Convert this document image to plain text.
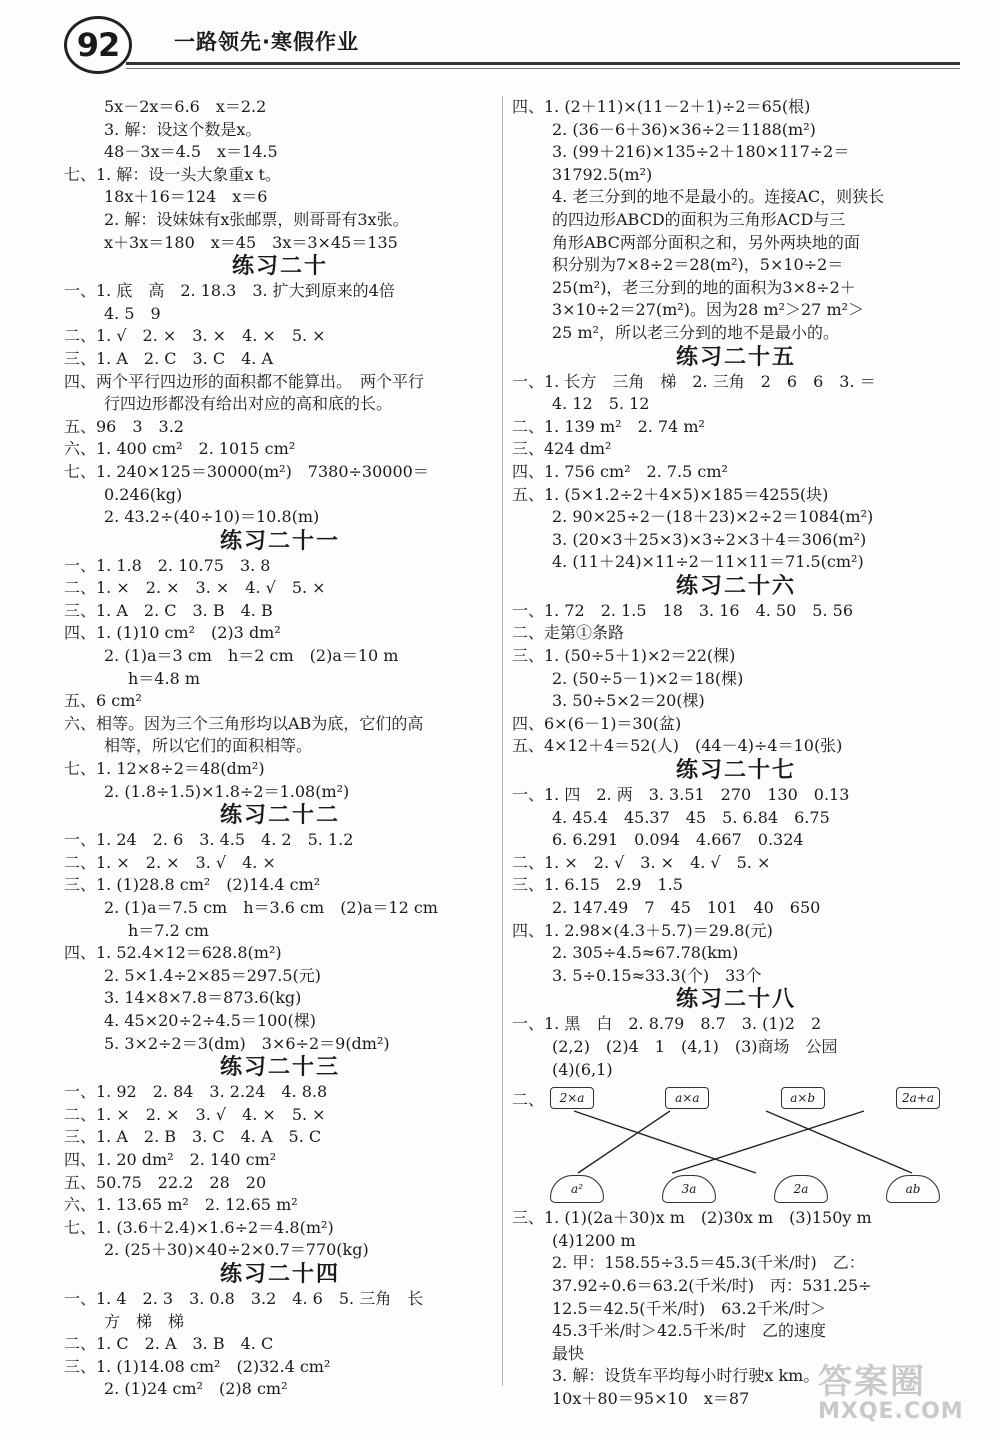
92	一路领先·寒假作业
5x－2x＝6.6　x＝2.2
3. 解：设这个数是x。
48－3x＝4.5　x＝14.5
七、1. 解：设一头大象重x t。
18x＋16＝124　x＝6
2. 解：设妹妹有x张邮票，则哥哥有3x张。
x＋3x＝180　x＝45　3x＝3×45＝135
练习二十
一、1. 底　高　2. 18.3　3. 扩大到原来的4倍
4. 5　9
二、1. √　2. ×　3. ×　4. ×　5. ×
三、1. A　2. C　3. C　4. A
四、两个平行四边形的面积都不能算出。　两个平行
行四边形都没有给出对应的高和底的长。
五、96　3　3.2
六、1. 400 cm²　2. 1015 cm²
七、1. 240×125＝30000(m²)　7380÷30000＝
0.246(kg)
2. 43.2÷(40÷10)＝10.8(m)
练习二十一
一、1. 1.8　2. 10.75　3. 8
二、1. ×　2. ×　3. ×　4. √　5. ×
三、1. A　2. C　3. B　4. B
四、1. (1)10 cm²　(2)3 dm²
2. (1)a＝3 cm　h＝2 cm　(2)a＝10 m
h＝4.8 m
五、6 cm²
六、相等。因为三个三角形均以AB为底，它们的高
相等，所以它们的面积相等。
七、1. 12×8÷2＝48(dm²)
2. (1.8÷1.5)×1.8÷2＝1.08(m²)
练习二十二
一、1. 24　2. 6　3. 4.5　4. 2　5. 1.2
二、1. ×　2. ×　3. √　4. ×
三、1. (1)28.8 cm²　(2)14.4 cm²
2. (1)a＝7.5 cm　h＝3.6 cm　(2)a＝12 cm
h＝7.2 cm
四、1. 52.4×12＝628.8(m²)
2. 5×1.4÷2×85＝297.5(元)
3. 14×8×7.8＝873.6(kg)
4. 45×20÷2÷4.5＝100(棵)
5. 3×2÷2＝3(dm)　3×6÷2＝9(dm²)
练习二十三
一、1. 92　2. 84　3. 2.24　4. 8.8
二、1. ×　2. ×　3. √　4. ×　5. ×
三、1. A　2. B　3. C　4. A　5. C
四、1. 20 dm²　2. 140 cm²
五、50.75　22.2　28　20
六、1. 13.65 m²　2. 12.65 m²
七、1. (3.6＋2.4)×1.6÷2＝4.8(m²)
2. (25＋30)×40÷2×0.7＝770(kg)
练习二十四
一、1. 4　2. 3　3. 0.8　3.2　4. 6　5. 三角　长
方　梯　梯
二、1. C　2. A　3. B　4. C
三、1. (1)14.08 cm²　(2)32.4 cm²
2. (1)24 cm²　(2)8 cm²
四、1. (2＋11)×(11－2＋1)÷2＝65(根)
2. (36－6＋36)×36÷2＝1188(m²)
3. (99＋216)×135÷2＋180×117÷2＝
31792.5(m²)
4. 老三分到的地不是最小的。连接AC，则狭长
的四边形ABCD的面积为三角形ACD与三
角形ABC两部分面积之和，另外两块地的面
积分别为7×8÷2＝28(m²)，5×10÷2＝
25(m²)，老三分到的地的面积为3×8÷2＋
3×10÷2＝27(m²)。因为28 m²＞27 m²＞
25 m²，所以老三分到的地不是最小的。
练习二十五
一、1. 长方　三角　梯　2. 三角　2　6　6　3. ＝
4. 12　5. 12
二、1. 139 m²　2. 74 m²
三、424 dm²
四、1. 756 cm²　2. 7.5 cm²
五、1. (5×1.2÷2＋4×5)×185＝4255(块)
2. 90×25÷2－(18＋23)×2÷2＝1084(m²)
3. (20×3＋25×3)×3÷2×3＋4＝306(m²)
4. (11＋24)×11÷2－11×11＝71.5(cm²)
练习二十六
一、1. 72　2. 1.5　18　3. 16　4. 50　5. 56
二、走第①条路
三、1. (50÷5＋1)×2＝22(棵)
2. (50÷5－1)×2＝18(棵)
3. 50÷5×2＝20(棵)
四、6×(6－1)＝30(盆)
五、4×12＋4＝52(人)　(44－4)÷4＝10(张)
练习二十七
一、1. 四　2. 两　3. 3.51　270　130　0.13
4. 45.4　45.37　45　5. 6.84　6.75
6. 6.291　0.094　4.667　0.324
二、1. ×　2. √　3. ×　4. √　5. ×
三、1. 6.15　2.9　1.5
2. 147.49　7　45　101　40　650
四、1. 2.98×(4.3＋5.7)＝29.8(元)
2. 305÷4.5≈67.78(km)
3. 5÷0.15≈33.3(个)　33个
练习二十八
一、1. 黑　白　2. 8.79　8.7　3. (1)2　2
(2,2)　(2)4　1　(4,1)　(3)商场　公园
(4)(6,1)
二、	2×a	a×a	a×b	2a+a
a²	3a	2a	ab
三、1. (1)(2a＋30)x m　(2)30x m　(3)150y m
(4)1200 m
2. 甲：158.55÷3.5＝45.3(千米/时)　乙：
37.92÷0.6＝63.2(千米/时)　丙：531.25÷
12.5＝42.5(千米/时)　63.2千米/时＞
45.3千米/时＞42.5千米/时　乙的速度
最快
3. 解：设货车平均每小时行驶x km。
10x＋80＝95×10　x＝87	答案圈
MXQE.COM
